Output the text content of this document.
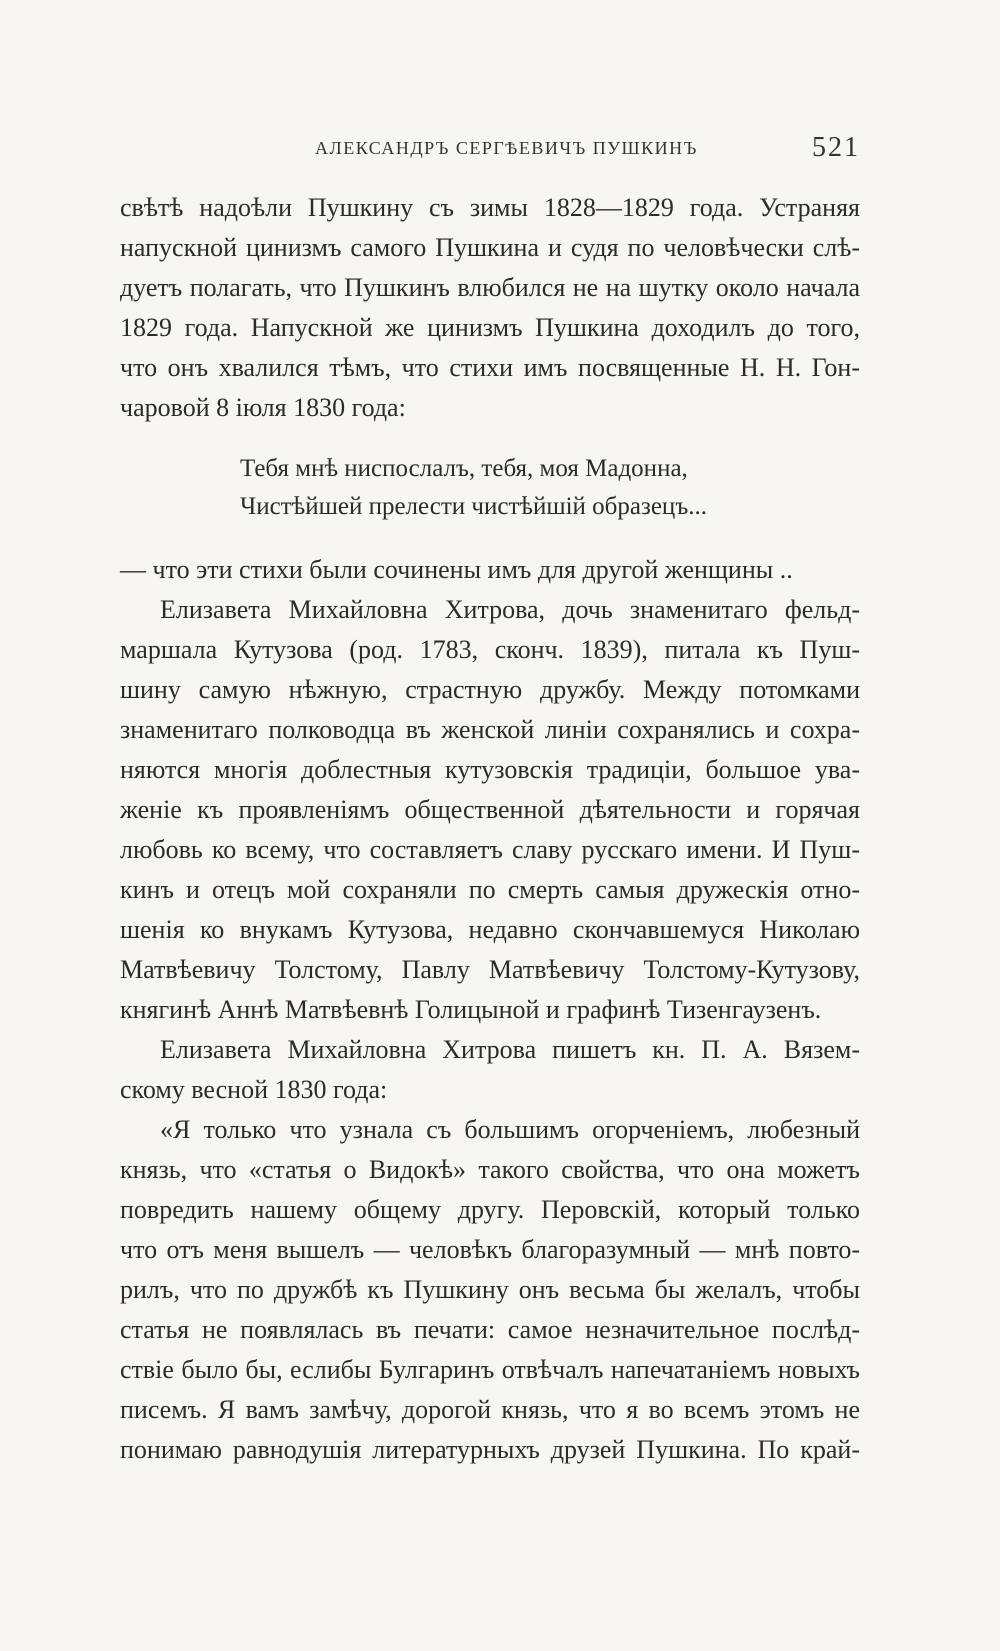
АЛЕКСАНДРЪ СЕРГѢЕВИЧЪ ПУШКИНЪ	521
свѣтѣ надоѣли Пушкину съ зимы 1828—1829 года. Устраняя
напускной цинизмъ самого Пушкина и судя по человѣчески слѣ-
дуетъ полагать, что Пушкинъ влюбился не на шутку около начала
1829 года. Напускной же цинизмъ Пушкина доходилъ до того,
что онъ хвалился тѣмъ, что стихи имъ посвященные Н. Н. Гон-
чаровой 8 іюля 1830 года:
Тебя мнѣ ниспослалъ, тебя, моя Мадонна,
Чистѣйшей прелести чистѣйшій образецъ...
— что эти стихи были сочинены имъ для другой женщины ..
Елизавета Михайловна Хитрова, дочь знаменитаго фельд-
маршала Кутузова (род. 1783, сконч. 1839), питала къ Пуш-
шину самую нѣжную, страстную дружбу. Между потомками
знаменитаго полководца въ женской линіи сохранялись и сохра-
няются многія доблестныя кутузовскія традиціи, большое ува-
женіе къ проявленіямъ общественной дѣятельности и горячая
любовь ко всему, что составляетъ славу русскаго имени. И Пуш-
кинъ и отецъ мой сохраняли по смерть самыя дружескія отно-
шенія ко внукамъ Кутузова, недавно скончавшемуся Николаю
Матвѣевичу Толстому, Павлу Матвѣевичу Толстому-Кутузову,
княгинѣ Аннѣ Матвѣевнѣ Голицыной и графинѣ Тизенгаузенъ.
Елизавета Михайловна Хитрова пишетъ кн. П. А. Вязем-
скому весной 1830 года:
«Я только что узнала съ большимъ огорченіемъ, любезный
князь, что «статья о Видокѣ» такого свойства, что она можетъ
повредить нашему общему другу. Перовскій, который только
что отъ меня вышелъ — человѣкъ благоразумный — мнѣ повто-
рилъ, что по дружбѣ къ Пушкину онъ весьма бы желалъ, чтобы
статья не появлялась въ печати: самое незначительное послѣд-
ствіе было бы, еслибы Булгаринъ отвѣчалъ напечатаніемъ новыхъ
писемъ. Я вамъ замѣчу, дорогой князь, что я во всемъ этомъ не
понимаю равнодушія литературныхъ друзей Пушкина. По край-
